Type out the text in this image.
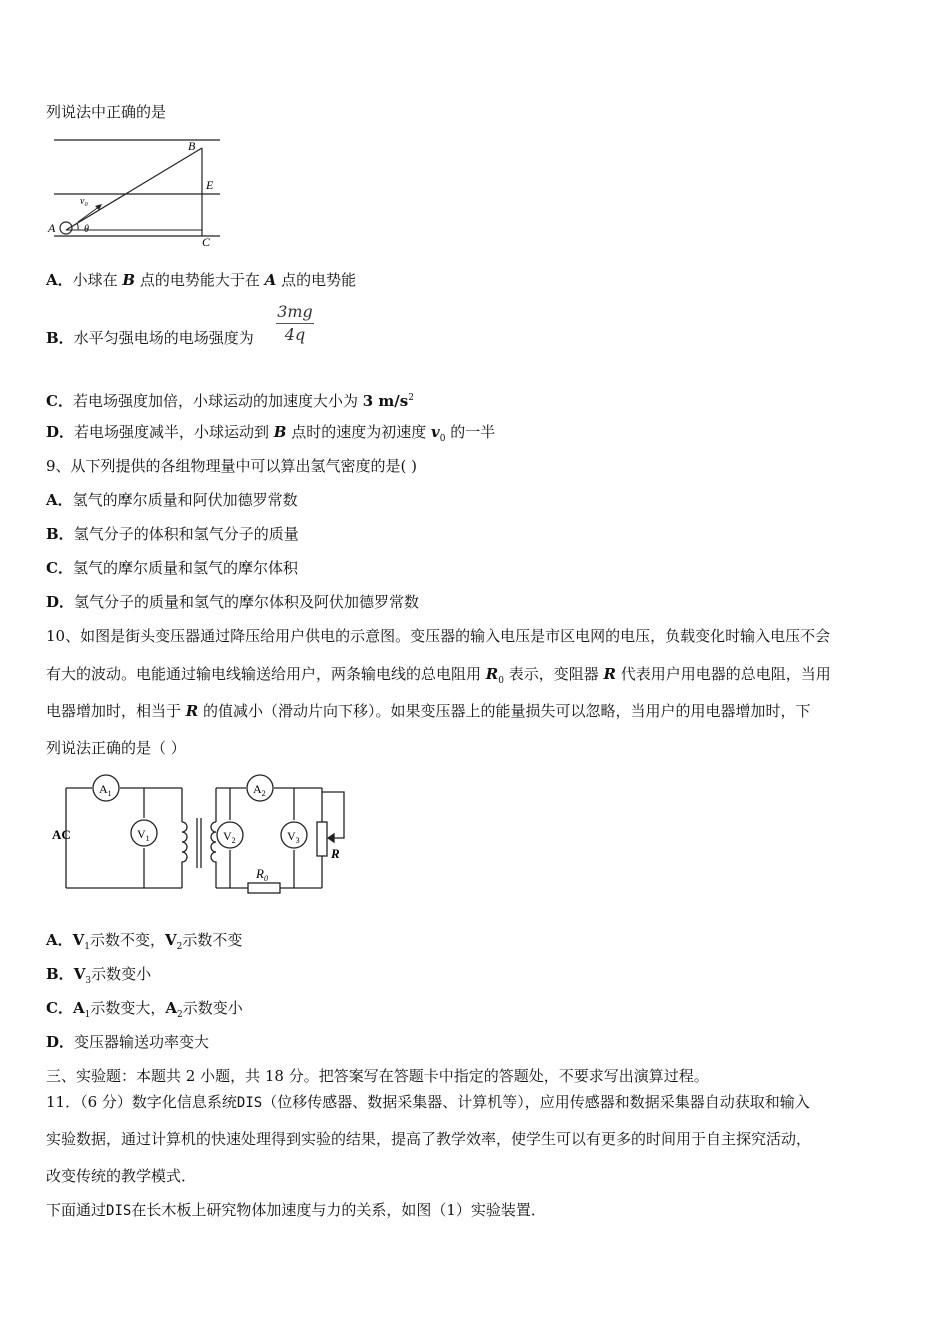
列说法中正确的是
B
E
C
A
v₀
θ
A．小球在 B 点的电势能大于在 A 点的电势能
B．水平匀强电场的电场强度为
3mg
4q
C．若电场强度加倍，小球运动的加速度大小为 3 $m/s^2$
D．若电场强度减半，小球运动到 B 点时的速度为初速度 $v_0$ 的一半
9、从下列提供的各组物理量中可以算出氢气密度的是( )
A．氢气的摩尔质量和阿伏加德罗常数
B．氢气分子的体积和氢气分子的质量
C．氢气的摩尔质量和氢气的摩尔体积
D．氢气分子的质量和氢气的摩尔体积及阿伏加德罗常数
10、如图是街头变压器通过降压给用户供电的示意图。变压器的输入电压是市区电网的电压，负载变化时输入电压不会
有大的波动。电能通过输电线输送给用户，两条输电线的总电阻用 $R_0$ 表示，变阻器 R 代表用户用电器的总电阻，当用
电器增加时，相当于 R 的值减小（滑动片向下移）。如果变压器上的能量损失可以忽略，当用户的用电器增加时，下
列说法正确的是（ ）
AC
$A_1$	$A_2$
$V_1$	$V_2$	$V_3$
R
$R_0$
A．$V_1$示数不变，$V_2$示数不变
B．$V_3$示数变小
C．$A_1$示数变大，$A_2$示数变小
D．变压器输送功率变大
三、实验题：本题共 2 小题，共 18 分。把答案写在答题卡中指定的答题处，不要求写出演算过程。
11．（6 分）数字化信息系统DIS（位移传感器、数据采集器、计算机等），应用传感器和数据采集器自动获取和输入
实验数据，通过计算机的快速处理得到实验的结果，提高了教学效率，使学生可以有更多的时间用于自主探究活动，
改变传统的教学模式．
下面通过DIS在长木板上研究物体加速度与力的关系，如图（1）实验装置．
